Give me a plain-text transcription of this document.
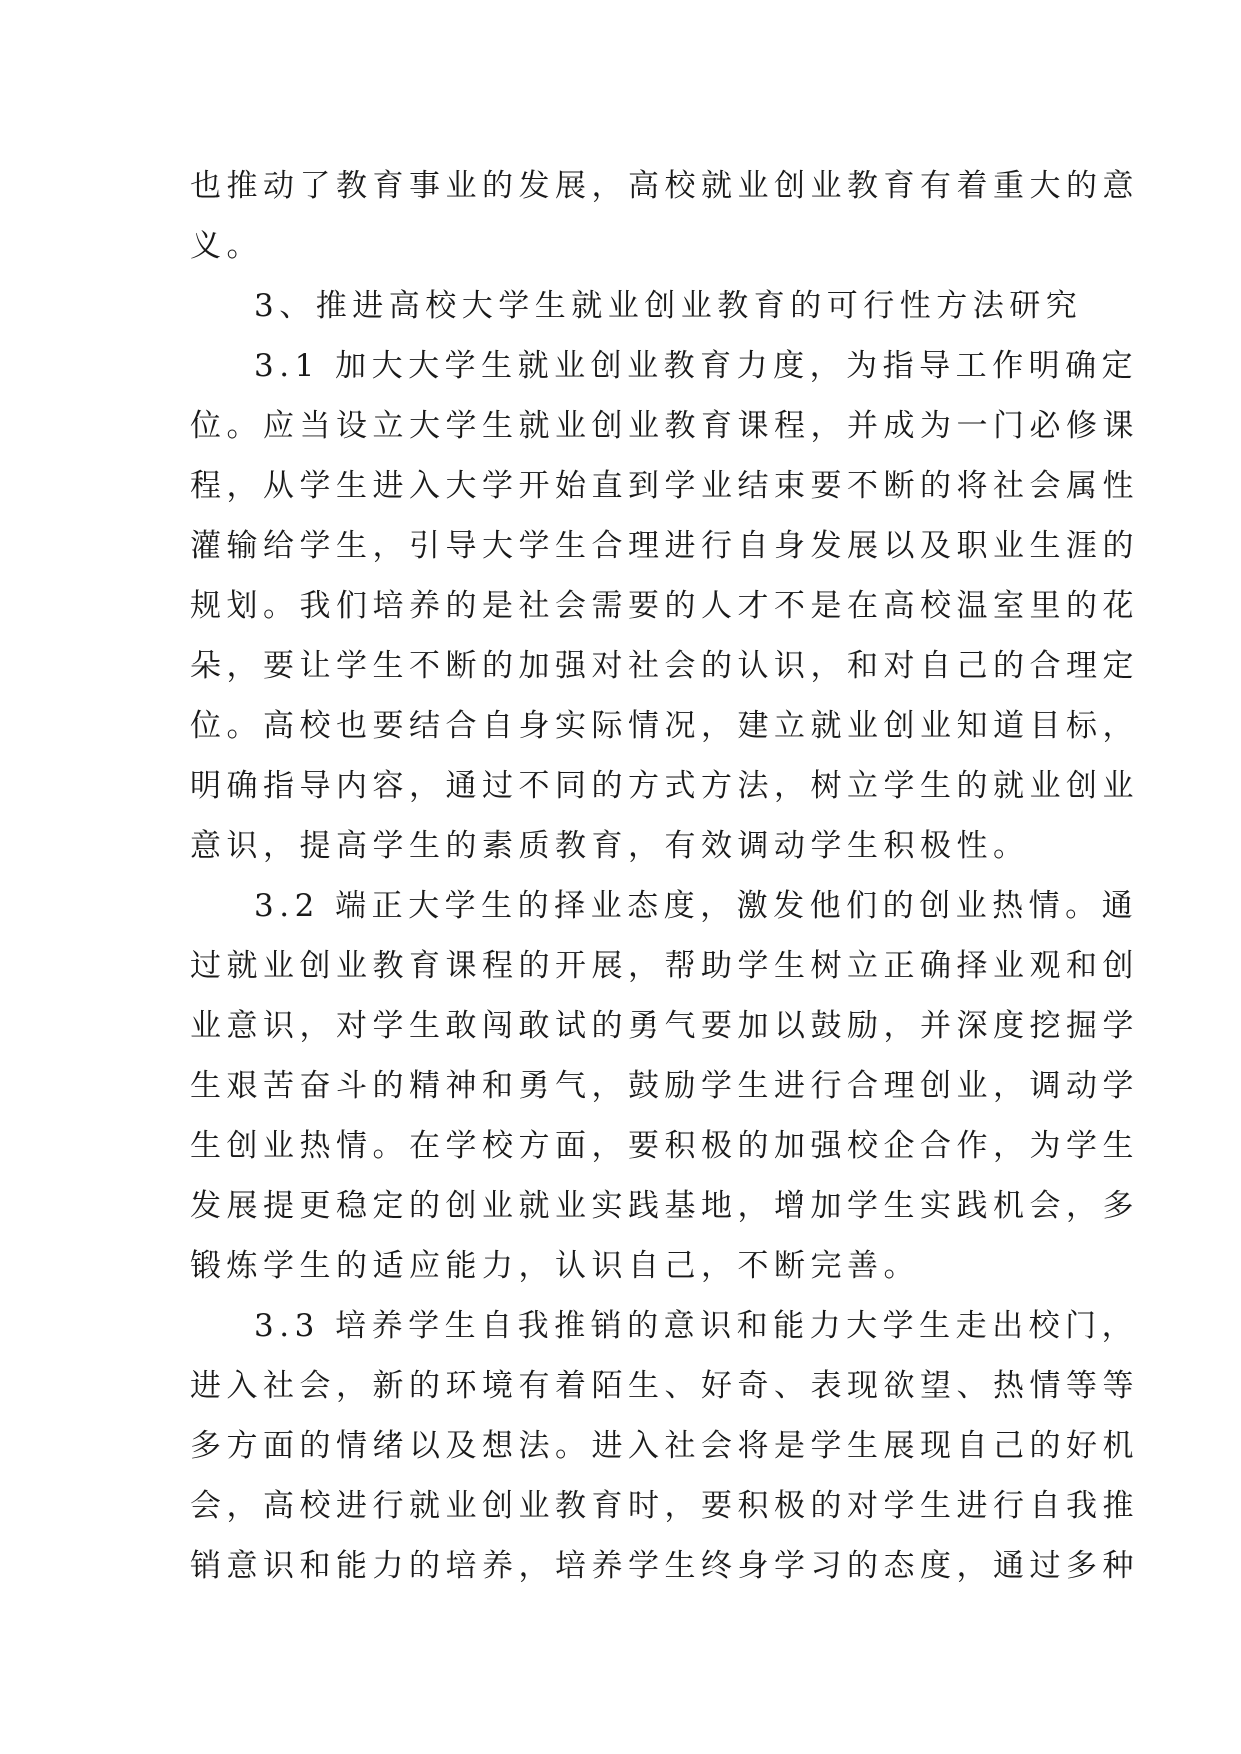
也推动了教育事业的发展，高校就业创业教育有着重大的意

义。

3、推进高校大学生就业创业教育的可行性方法研究

3.1 加大大学生就业创业教育力度，为指导工作明确定

位。应当设立大学生就业创业教育课程，并成为一门必修课

程，从学生进入大学开始直到学业结束要不断的将社会属性

灌输给学生，引导大学生合理进行自身发展以及职业生涯的

规划。我们培养的是社会需要的人才不是在高校温室里的花

朵，要让学生不断的加强对社会的认识，和对自己的合理定

位。高校也要结合自身实际情况，建立就业创业知道目标，

明确指导内容，通过不同的方式方法，树立学生的就业创业

意识，提高学生的素质教育，有效调动学生积极性。

3.2 端正大学生的择业态度，激发他们的创业热情。通

过就业创业教育课程的开展，帮助学生树立正确择业观和创

业意识，对学生敢闯敢试的勇气要加以鼓励，并深度挖掘学

生艰苦奋斗的精神和勇气，鼓励学生进行合理创业，调动学

生创业热情。在学校方面，要积极的加强校企合作，为学生

发展提更稳定的创业就业实践基地，增加学生实践机会，多

锻炼学生的适应能力，认识自己，不断完善。

3.3 培养学生自我推销的意识和能力大学生走出校门，

进入社会，新的环境有着陌生、好奇、表现欲望、热情等等

多方面的情绪以及想法。进入社会将是学生展现自己的好机

会，高校进行就业创业教育时，要积极的对学生进行自我推

销意识和能力的培养，培养学生终身学习的态度，通过多种
